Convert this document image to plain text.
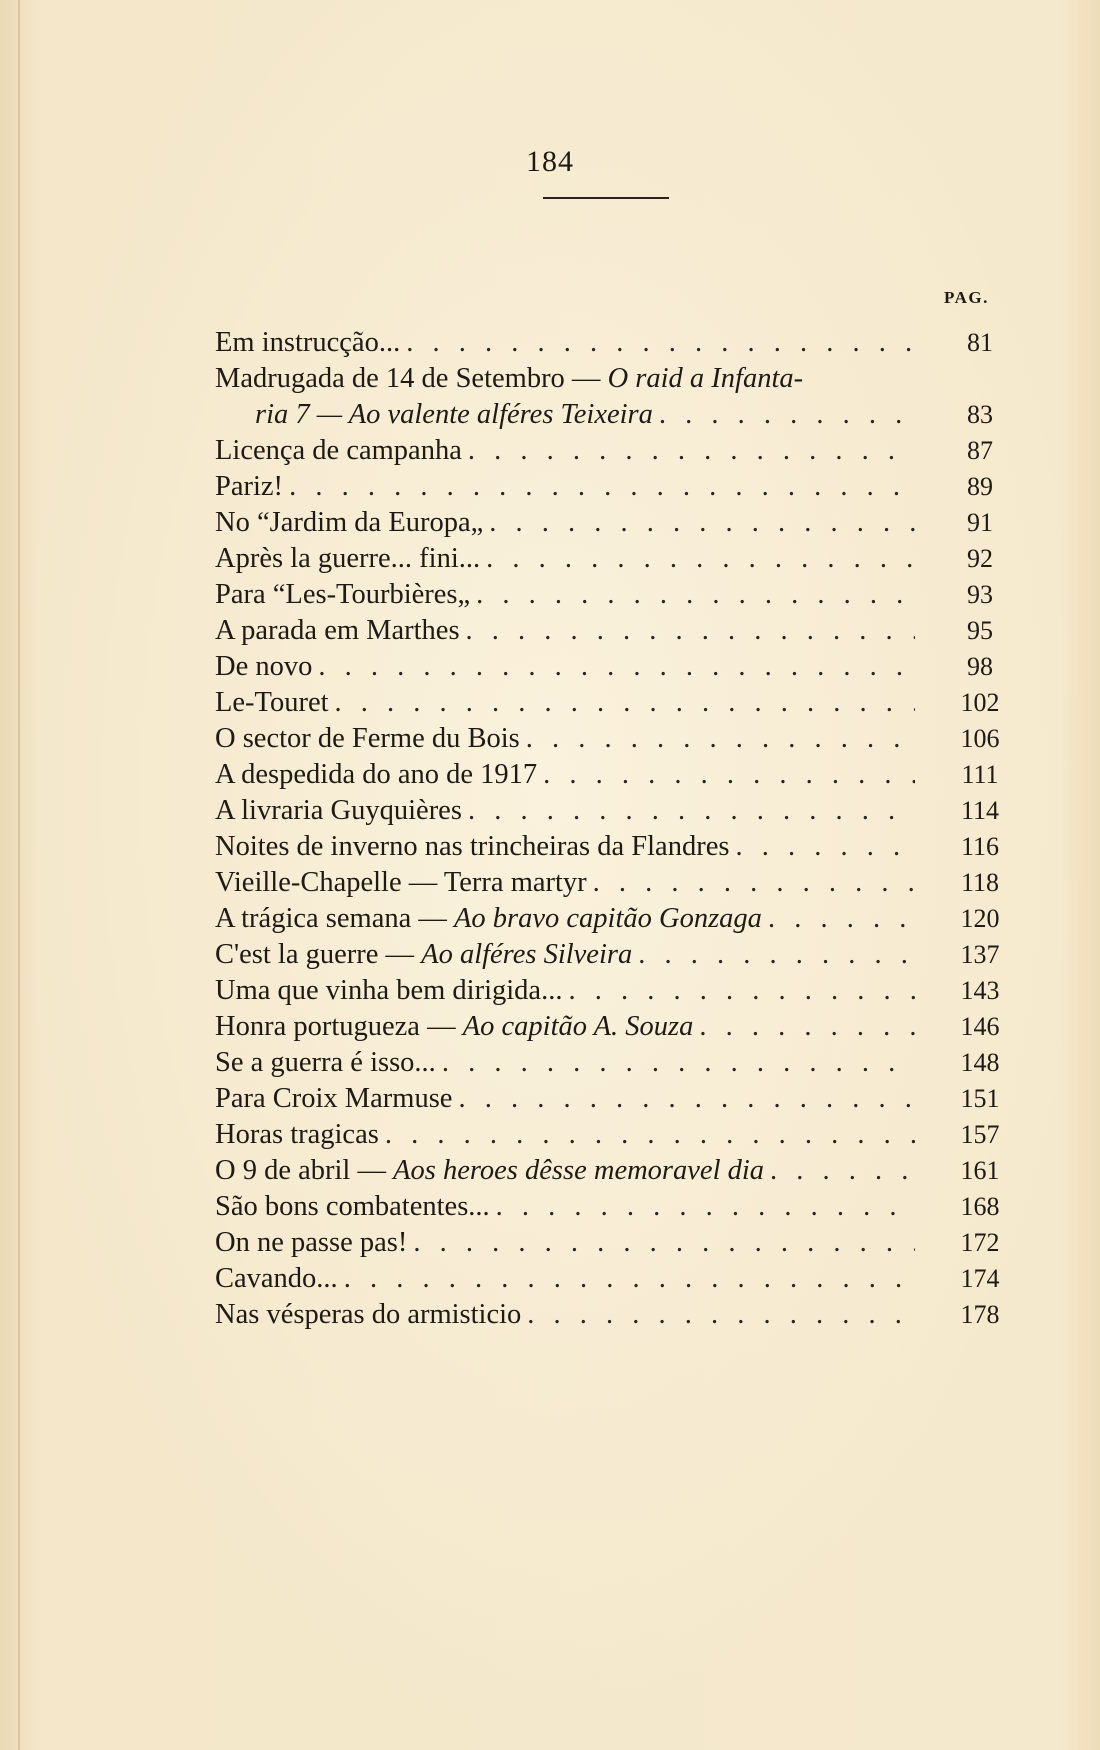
184
PAG.
Em instrucção... . . .	81
Madrugada de 14 de Setembro — O raid a Infanta-
ria 7 — Ao valente alféres Teixeira . . .	83
Licença de campanha . . .	87
Pariz! . . .	89
No “Jardim da Europa„ . . .	91
Après la guerre... fini... . . .	92
Para “Les-Tourbières„ . . .	93
A parada em Marthes . . .	95
De novo . . .	98
Le-Touret . . .	102
O sector de Ferme du Bois . . .	106
A despedida do ano de 1917 . . .	111
A livraria Guyquières . . .	114
Noites de inverno nas trincheiras da Flandres . . .	116
Vieille-Chapelle — Terra martyr . . .	118
A trágica semana — Ao bravo capitão Gonzaga . . .	120
C'est la guerre — Ao alféres Silveira . . .	137
Uma que vinha bem dirigida... . . .	143
Honra portugueza — Ao capitão A. Souza . . .	146
Se a guerra é isso... . . .	148
Para Croix Marmuse . . .	151
Horas tragicas . . .	157
O 9 de abril — Aos heroes dêsse memoravel dia . . .	161
São bons combatentes... . . .	168
On ne passe pas! . . .	172
Cavando... . . .	174
Nas vésperas do armisticio . . .	178
